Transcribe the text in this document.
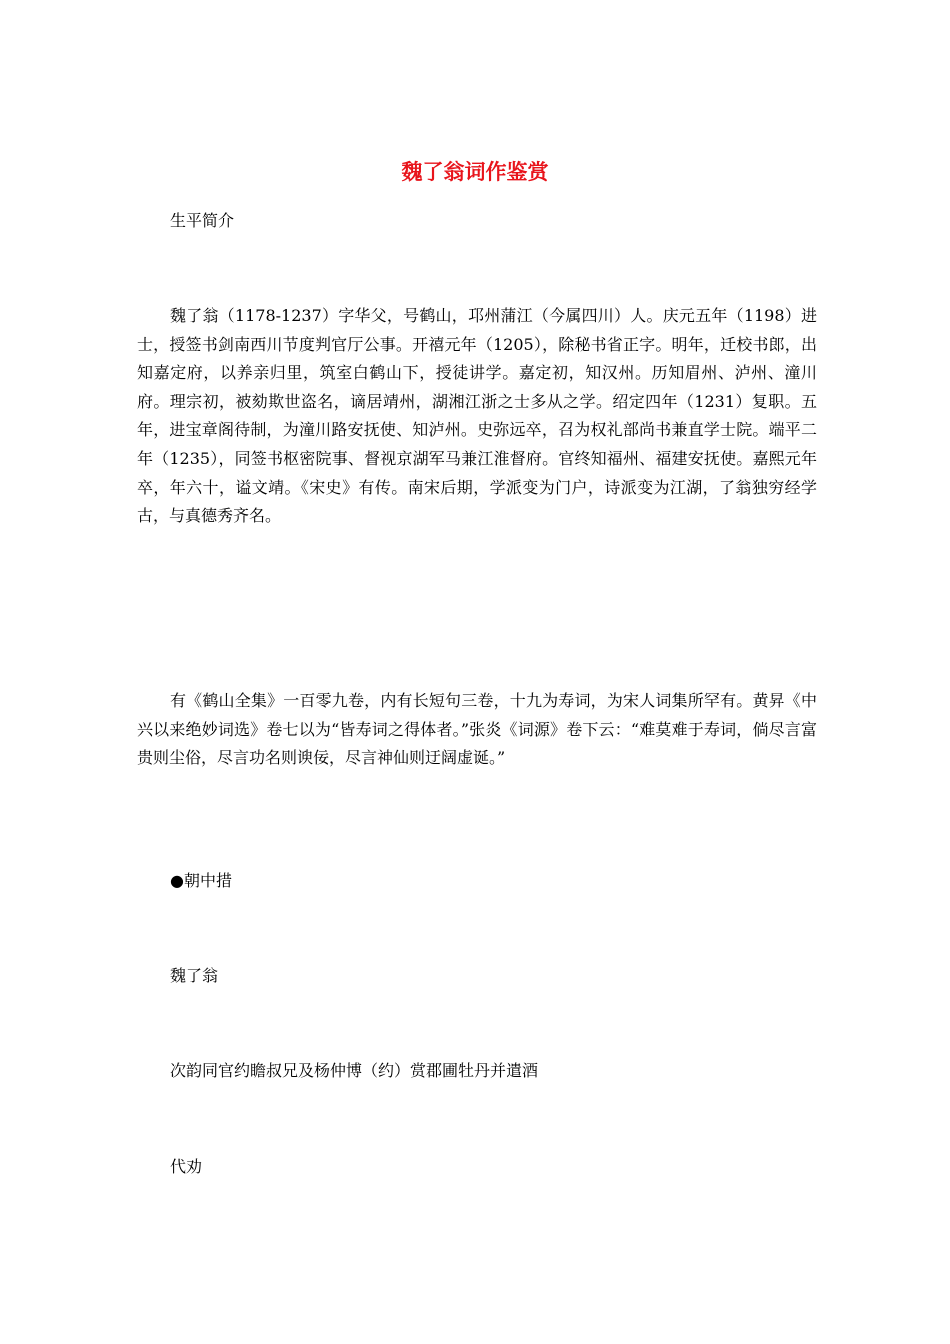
魏了翁词作鉴赏

生平简介

魏了翁（1178-1237）字华父，号鹤山，邛州蒲江（今属四川）人。庆元五年（1198）进士，授签书剑南西川节度判官厅公事。开禧元年（1205），除秘书省正字。明年，迁校书郎，出知嘉定府，以养亲归里，筑室白鹤山下，授徒讲学。嘉定初，知汉州。历知眉州、泸州、潼川府。理宗初，被劾欺世盗名，谪居靖州，湖湘江浙之士多从之学。绍定四年（1231）复职。五年，进宝章阁待制，为潼川路安抚使、知泸州。史弥远卒，召为权礼部尚书兼直学士院。端平二年（1235），同签书枢密院事、督视京湖军马兼江淮督府。官终知福州、福建安抚使。嘉熙元年卒，年六十，谥文靖。《宋史》有传。南宋后期，学派变为门户，诗派变为江湖，了翁独穷经学古，与真德秀齐名。

有《鹤山全集》一百零九卷，内有长短句三卷，十九为寿词，为宋人词集所罕有。黄昇《中兴以来绝妙词选》卷七以为“皆寿词之得体者。”张炎《词源》卷下云：“难莫难于寿词，倘尽言富贵则尘俗，尽言功名则谀佞，尽言神仙则迂阔虚诞。”

●朝中措

魏了翁

次韵同官约瞻叔兄及杨仲博（约）赏郡圃牡丹并遣酒

代劝
